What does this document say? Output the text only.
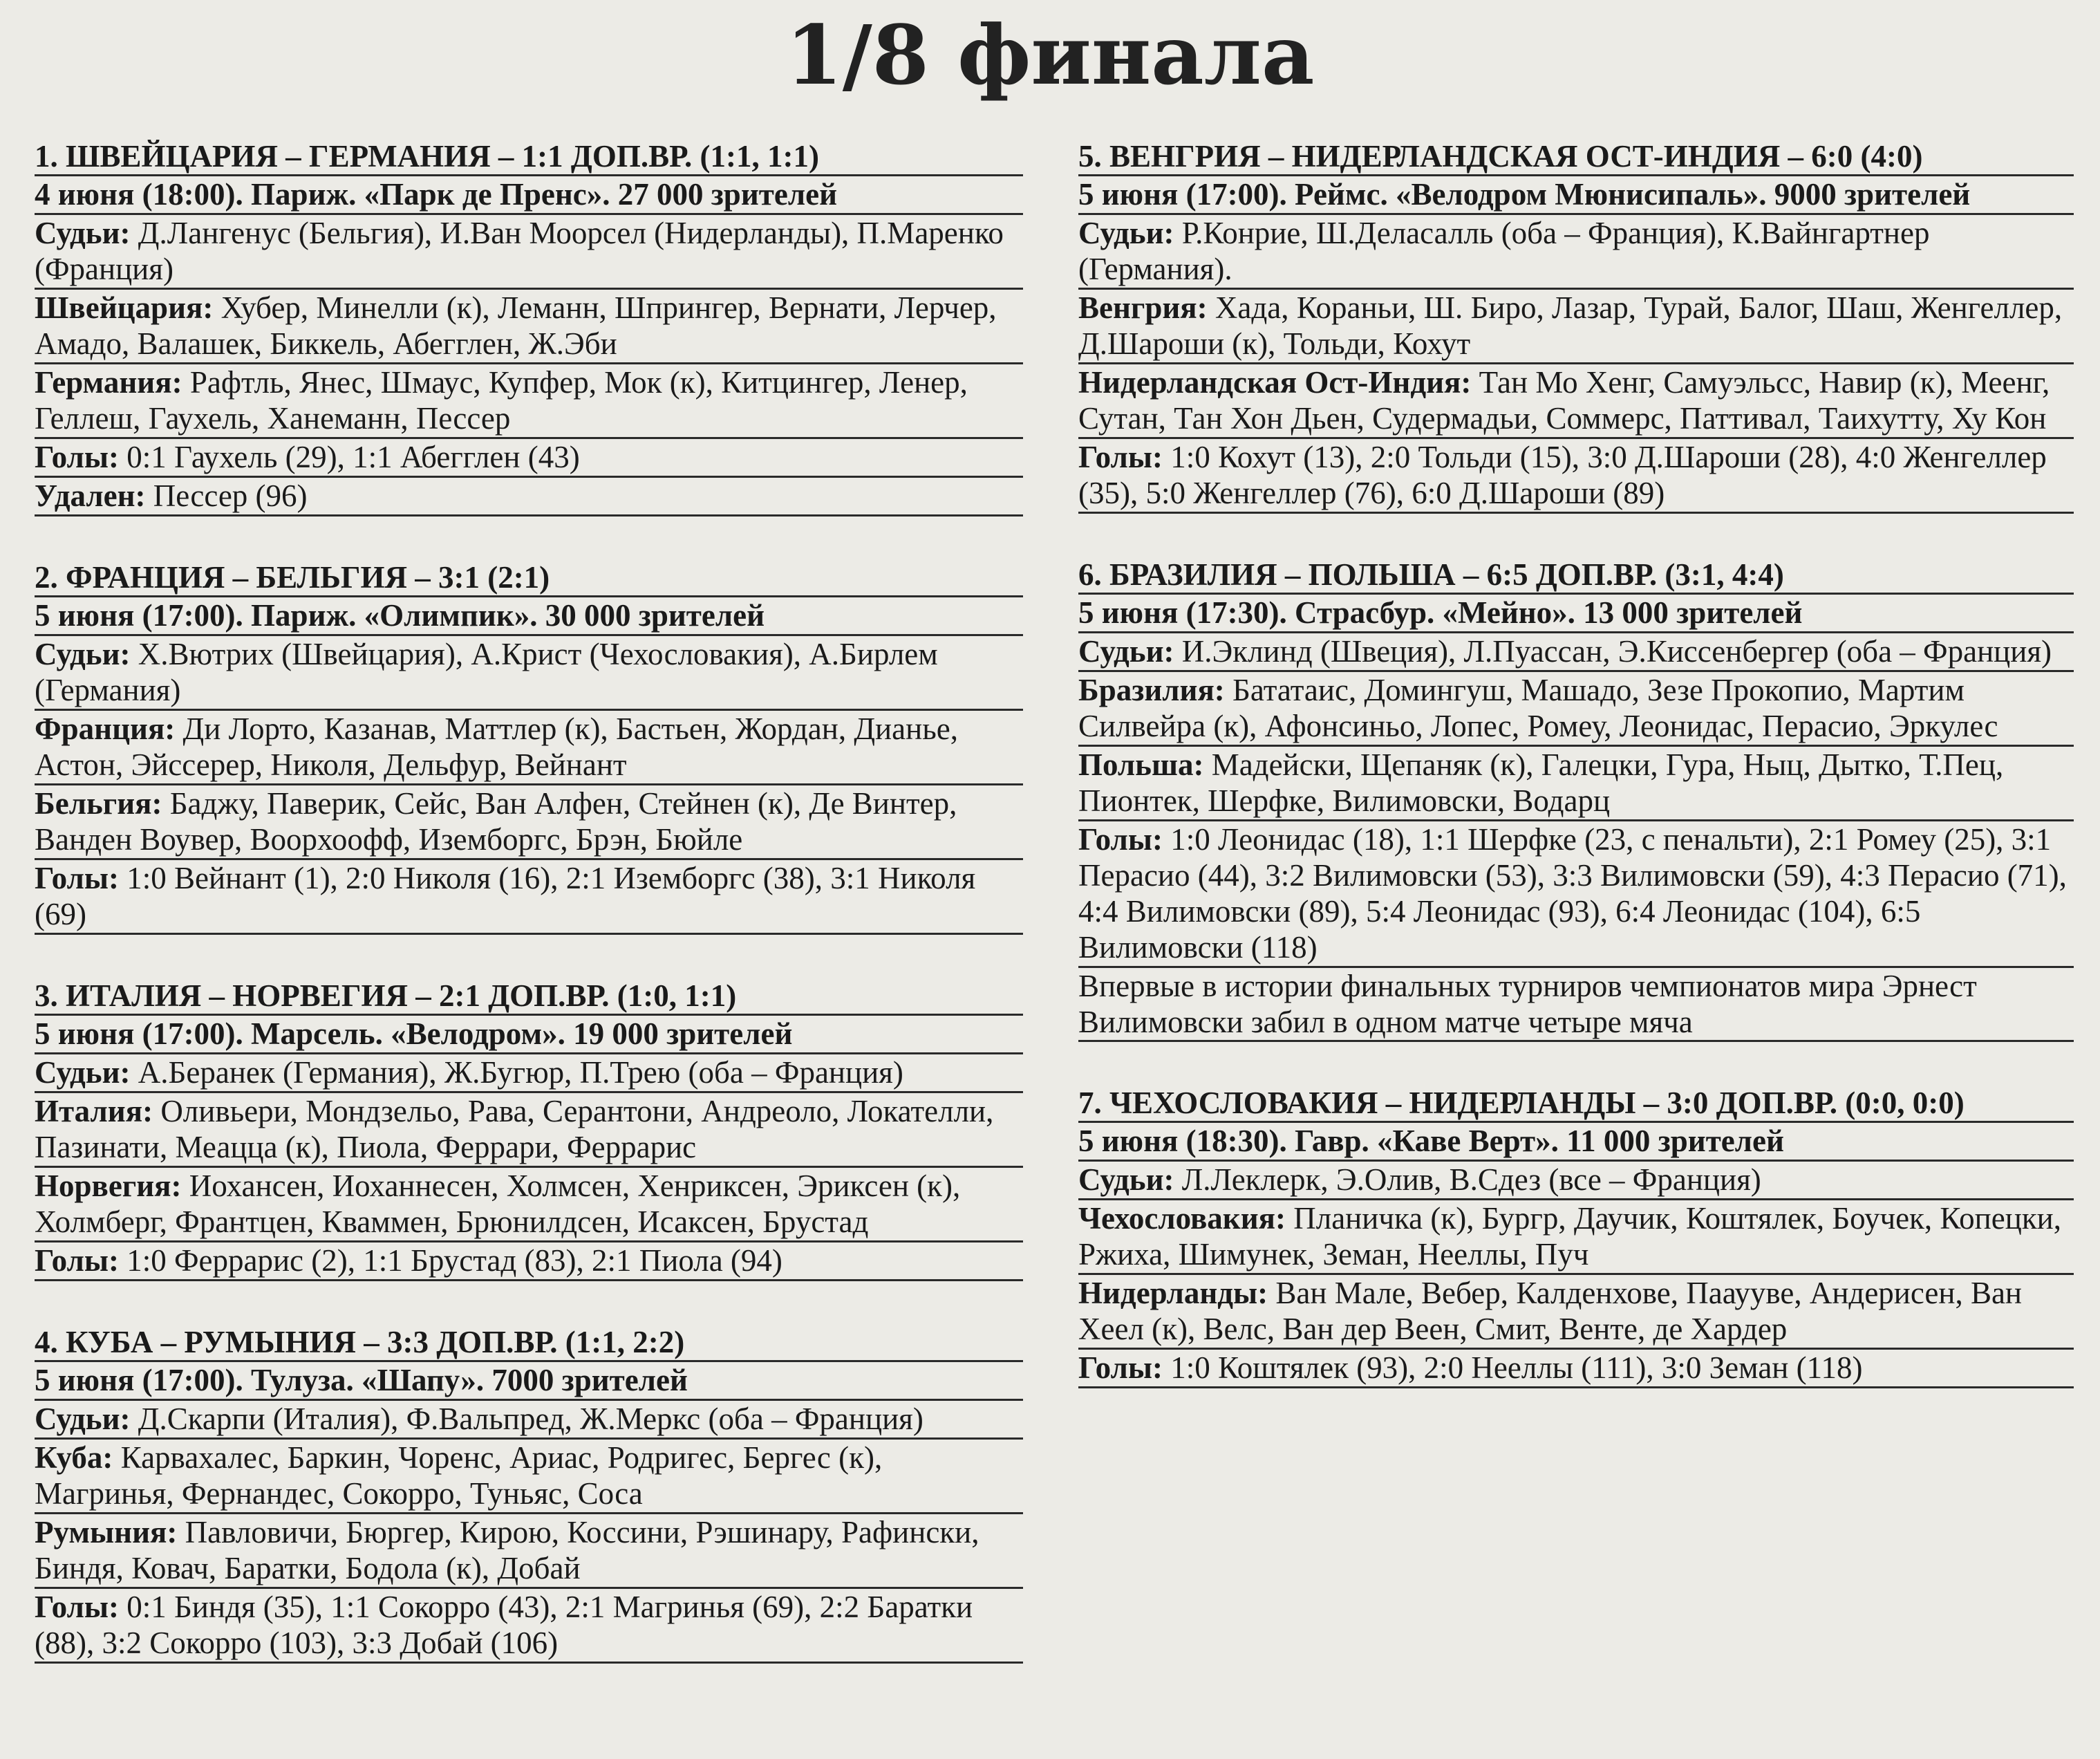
1/8 финала
1. ШВЕЙЦАРИЯ – ГЕРМАНИЯ – 1:1 ДОП.ВР. (1:1, 1:1)
4 июня (18:00). Париж. «Парк де Пренс». 27 000 зрителей
Судьи: Д.Лангенус (Бельгия), И.Ван Моорсел (Нидерланды), П.Маренко (Франция)
Швейцария: Хубер, Минелли (к), Леманн, Шпрингер, Вернати, Лерчер, Амадо, Валашек, Биккель, Абегглен, Ж.Эби
Германия: Рафтль, Янес, Шмаус, Купфер, Мок (к), Китцингер, Ленер, Геллеш, Гаухель, Ханеманн, Пессер
Голы: 0:1 Гаухель (29), 1:1 Абегглен (43)
Удален: Пессер (96)
2. ФРАНЦИЯ – БЕЛЬГИЯ – 3:1 (2:1)
5 июня (17:00). Париж. «Олимпик». 30 000 зрителей
Судьи: Х.Вютрих (Швейцария), А.Крист (Чехословакия), А.Бирлем (Германия)
Франция: Ди Лорто, Казанав, Маттлер (к), Бастьен, Жордан, Дианье, Астон, Эйссерер, Николя, Дельфур, Вейнант
Бельгия: Баджу, Паверик, Сейс, Ван Алфен, Стейнен (к), Де Винтер, Ванден Воувер, Воорхоофф, Иземборгс, Брэн, Бюйле
Голы: 1:0 Вейнант (1), 2:0 Николя (16), 2:1 Иземборгс (38), 3:1 Николя (69)
3. ИТАЛИЯ – НОРВЕГИЯ – 2:1 ДОП.ВР. (1:0, 1:1)
5 июня (17:00). Марсель. «Велодром». 19 000 зрителей
Судьи: А.Беранек (Германия), Ж.Бугюр, П.Трею (оба – Франция)
Италия: Оливьери, Мондзельо, Рава, Серантони, Андреоло, Локателли, Пазинати, Меацца (к), Пиола, Феррари, Феррарис
Норвегия: Иохансен, Иоханнесен, Холмсен, Хенриксен, Эриксен (к), Холмберг, Франтцен, Кваммен, Брюнилдсен, Исаксен, Брустад
Голы: 1:0 Феррарис (2), 1:1 Брустад (83), 2:1 Пиола (94)
4. КУБА – РУМЫНИЯ – 3:3 ДОП.ВР. (1:1, 2:2)
5 июня (17:00). Тулуза. «Шапу». 7000 зрителей
Судьи: Д.Скарпи (Италия), Ф.Вальпред, Ж.Меркс (оба – Франция)
Куба: Карвахалес, Баркин, Чоренс, Ариас, Родригес, Бергес (к), Магринья, Фернандес, Сокорро, Туньяс, Соса
Румыния: Павловичи, Бюргер, Кирою, Коссини, Рэшинару, Рафински, Биндя, Ковач, Баратки, Бодола (к), Добай
Голы: 0:1 Биндя (35), 1:1 Сокорро (43), 2:1 Магринья (69), 2:2 Баратки (88), 3:2 Сокорро (103), 3:3 Добай (106)
5. ВЕНГРИЯ – НИДЕРЛАНДСКАЯ ОСТ-ИНДИЯ – 6:0 (4:0)
5 июня (17:00). Реймс. «Велодром Мюнисипаль». 9000 зрителей
Судьи: Р.Конрие, Ш.Деласалль (оба – Франция), К.Вайнгартнер (Германия).
Венгрия: Хада, Кораньи, Ш. Биро, Лазар, Турай, Балог, Шаш, Женгеллер, Д.Шароши (к), Тольди, Кохут
Нидерландская Ост-Индия: Тан Мо Хенг, Самуэльсс, Навир (к), Меенг, Сутан, Тан Хон Дьен, Судермадьи, Соммерс, Паттивал, Таихутту, Ху Кон
Голы: 1:0 Кохут (13), 2:0 Тольди (15), 3:0 Д.Шароши (28), 4:0 Женгеллер (35), 5:0 Женгеллер (76), 6:0 Д.Шароши (89)
6. БРАЗИЛИЯ – ПОЛЬША – 6:5 ДОП.ВР. (3:1, 4:4)
5 июня (17:30). Страсбур. «Мейно». 13 000 зрителей
Судьи: И.Эклинд (Швеция), Л.Пуассан, Э.Киссенбергер (оба – Франция)
Бразилия: Бататаис, Домингуш, Машадо, Зезе Прокопио, Мартим Силвейра (к), Афонсиньо, Лопес, Ромеу, Леонидас, Перасио, Эркулес
Польша: Мадейски, Щепаняк (к), Галецки, Гура, Ныц, Дытко, Т.Пец, Пионтек, Шерфке, Вилимовски, Водарц
Голы: 1:0 Леонидас (18), 1:1 Шерфке (23, с пенальти), 2:1 Ромеу (25), 3:1 Перасио (44), 3:2 Вилимовски (53), 3:3 Вилимовски (59), 4:3 Перасио (71), 4:4 Вилимовски (89), 5:4 Леонидас (93), 6:4 Леонидас (104), 6:5 Вилимовски (118)
Впервые в истории финальных турниров чемпионатов мира Эрнест Вилимовски забил в одном матче четыре мяча
7. ЧЕХОСЛОВАКИЯ – НИДЕРЛАНДЫ – 3:0 ДОП.ВР. (0:0, 0:0)
5 июня (18:30). Гавр. «Каве Верт». 11 000 зрителей
Судьи: Л.Леклерк, Э.Олив, В.Сдез (все – Франция)
Чехословакия: Планичка (к), Бургр, Даучик, Коштялек, Боучек, Копецки, Ржиха, Шимунек, Земан, Нееллы, Пуч
Нидерланды: Ван Мале, Вебер, Калденхове, Пааууве, Андерисен, Ван Хеел (к), Велс, Ван дер Веен, Смит, Венте, де Хардер
Голы: 1:0 Коштялек (93), 2:0 Нееллы (111), 3:0 Земан (118)
